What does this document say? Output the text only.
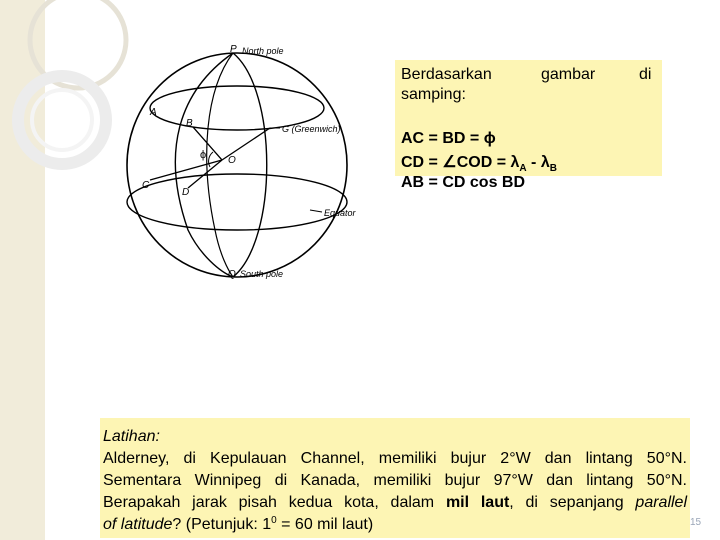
P North pole
A
B	G (Greenwich)
ϕ O
C
D
Equator
Q South pole
Berdasarkan	gambar	di
samping:
AC = BD = ϕ
CD = ∠COD = $\lambda_A - \lambda_B$
AB = CD cos BD
Latihan:
Alderney, di Kepulauan Channel, memiliki bujur 2°W dan lintang 50°N.
Sementara Winnipeg di Kanada, memiliki bujur 97°W dan lintang 50°N.
Berapakah jarak pisah kedua kota, dalam mil laut, di sepanjang parallel
of latitude? (Petunjuk: $1^0 = 60$ mil laut)	15
